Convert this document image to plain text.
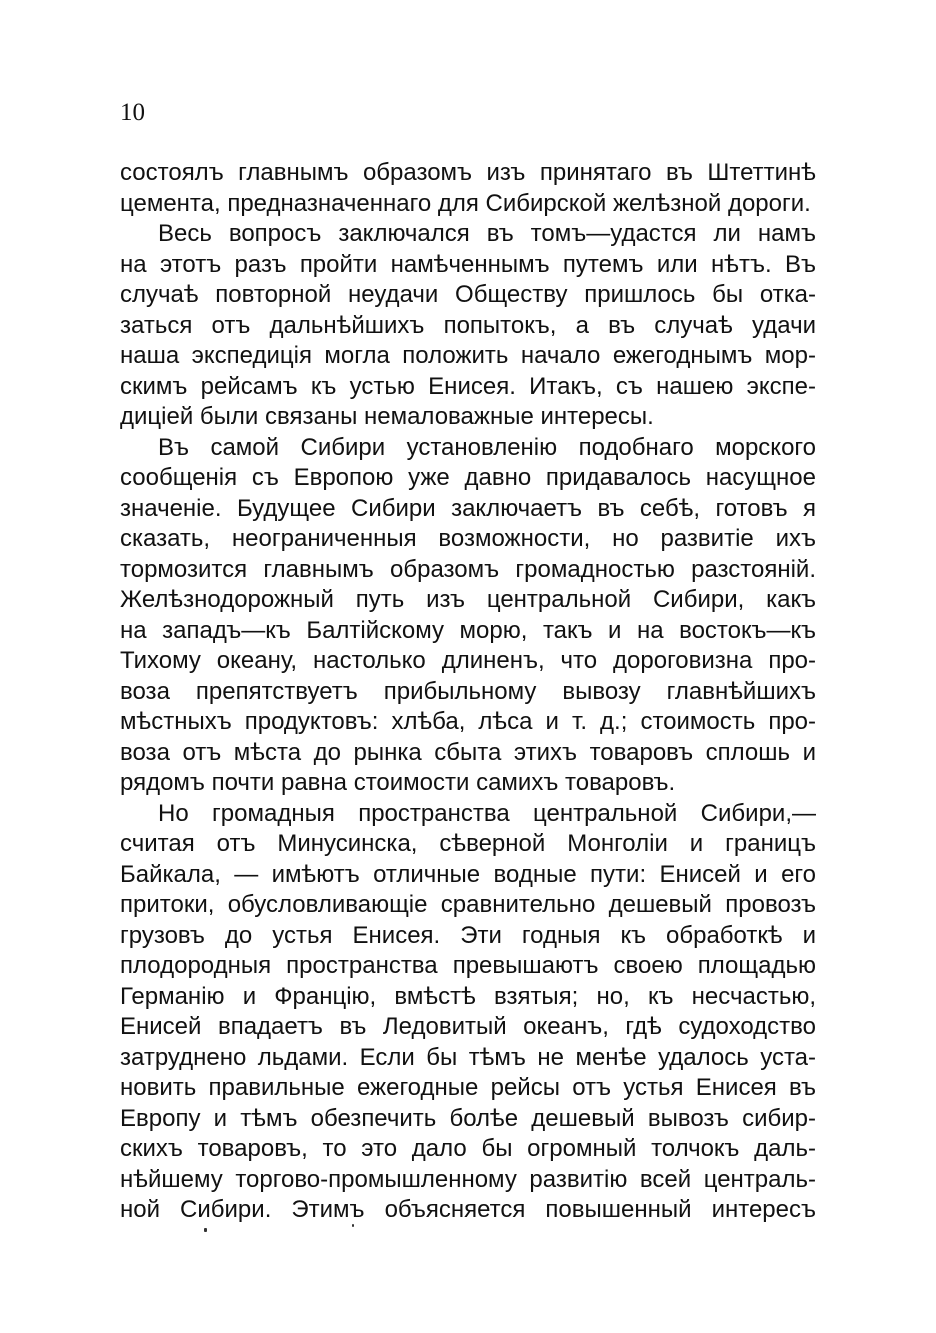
10
состоялъ главнымъ образомъ изъ принятаго въ Штеттинѣ
цемента, предназначеннаго для Сибирской желѣзной дороги.
Весь вопросъ заключался въ томъ—удастся ли намъ
на этотъ разъ пройти намѣченнымъ путемъ или нѣтъ. Въ
случаѣ повторной неудачи Обществу пришлось бы отка-
заться отъ дальнѣйшихъ попытокъ, а въ случаѣ удачи
наша экспедиція могла положить начало ежегоднымъ мор-
скимъ рейсамъ къ устью Енисея. Итакъ, съ нашею экспе-
диціей были связаны немаловажные интересы.
Въ самой Сибири установленію подобнаго морского
сообщенія съ Европою уже давно придавалось насущное
значеніе. Будущее Сибири заключаетъ въ себѣ, готовъ я
сказать, неограниченныя возможности, но развитіе ихъ
тормозится главнымъ образомъ громадностью разстояній.
Желѣзнодорожный путь изъ центральной Сибири, какъ
на западъ—къ Балтійскому морю, такъ и на востокъ—къ
Тихому океану, настолько длиненъ, что дороговизна про-
воза препятствуетъ прибыльному вывозу главнѣйшихъ
мѣстныхъ продуктовъ: хлѣба, лѣса и т. д.; стоимость про-
воза отъ мѣста до рынка сбыта этихъ товаровъ сплошь и
рядомъ почти равна стоимости самихъ товаровъ.
Но громадныя пространства центральной Сибири,—
считая отъ Минусинска, сѣверной Монголіи и границъ
Байкала, — имѣютъ отличные водные пути: Енисей и его
притоки, обусловливающіе сравнительно дешевый провозъ
грузовъ до устья Енисея. Эти годныя къ обработкѣ и
плодородныя пространства превышаютъ своею площадью
Германію и Францію, вмѣстѣ взятыя; но, къ несчастью,
Енисей впадаетъ въ Ледовитый океанъ, гдѣ судоходство
затруднено льдами. Если бы тѣмъ не менѣе удалось уста-
новить правильные ежегодные рейсы отъ устья Енисея въ
Европу и тѣмъ обезпечить болѣе дешевый вывозъ сибир-
скихъ товаровъ, то это дало бы огромный толчокъ даль-
нѣйшему торгово-промышленному развитію всей централь-
ной Сибири. Этимъ объясняется повышенный интересъ
